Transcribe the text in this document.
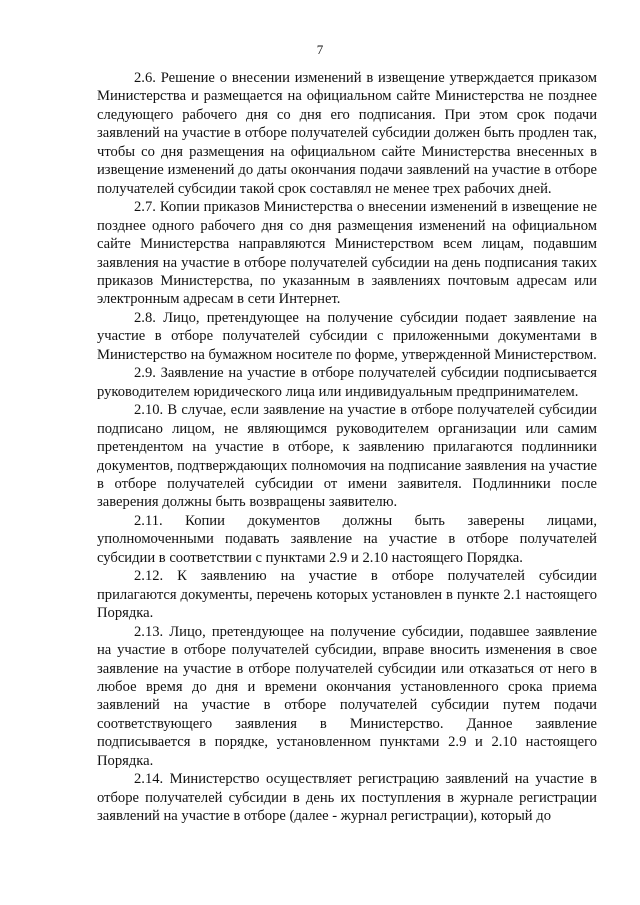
7

2.6. Решение о внесении изменений в извещение утверждается приказом Министерства и размещается на официальном сайте Министерства не позднее следующего рабочего дня со дня его подписания. При этом срок подачи заявлений на участие в отборе получателей субсидии должен быть продлен так, чтобы со дня размещения на официальном сайте Министерства внесенных в извещение изменений до даты окончания подачи заявлений на участие в отборе получателей субсидии такой срок составлял не менее трех рабочих дней.

2.7. Копии приказов Министерства о внесении изменений в извещение не позднее одного рабочего дня со дня размещения изменений на официальном сайте Министерства направляются Министерством всем лицам, подавшим заявления на участие в отборе получателей субсидии на день подписания таких приказов Министерства, по указанным в заявлениях почтовым адресам или электронным адресам в сети Интернет.

2.8. Лицо, претендующее на получение субсидии подает заявление на участие в отборе получателей субсидии с приложенными документами в Министерство на бумажном носителе по форме, утвержденной Министерством.

2.9. Заявление на участие в отборе получателей субсидии подписывается руководителем юридического лица или индивидуальным предпринимателем.

2.10. В случае, если заявление на участие в отборе получателей субсидии подписано лицом, не являющимся руководителем организации или самим претендентом на участие в отборе, к заявлению прилагаются подлинники документов, подтверждающих полномочия на подписание заявления на участие в отборе получателей субсидии от имени заявителя. Подлинники после заверения должны быть возвращены заявителю.

2.11. Копии документов должны быть заверены лицами, уполномоченными подавать заявление на участие в отборе получателей субсидии в соответствии с пунктами 2.9 и 2.10 настоящего Порядка.

2.12. К заявлению на участие в отборе получателей субсидии прилагаются документы, перечень которых установлен в пункте 2.1 настоящего Порядка.

2.13. Лицо, претендующее на получение субсидии, подавшее заявление на участие в отборе получателей субсидии, вправе вносить изменения в свое заявление на участие в отборе получателей субсидии или отказаться от него в любое время до дня и времени окончания установленного срока приема заявлений на участие в отборе получателей субсидии путем подачи соответствующего заявления в Министерство. Данное заявление подписывается в порядке, установленном пунктами 2.9 и 2.10 настоящего Порядка.

2.14. Министерство осуществляет регистрацию заявлений на участие в отборе получателей субсидии в день их поступления в журнале регистрации заявлений на участие в отборе (далее - журнал регистрации), который до
